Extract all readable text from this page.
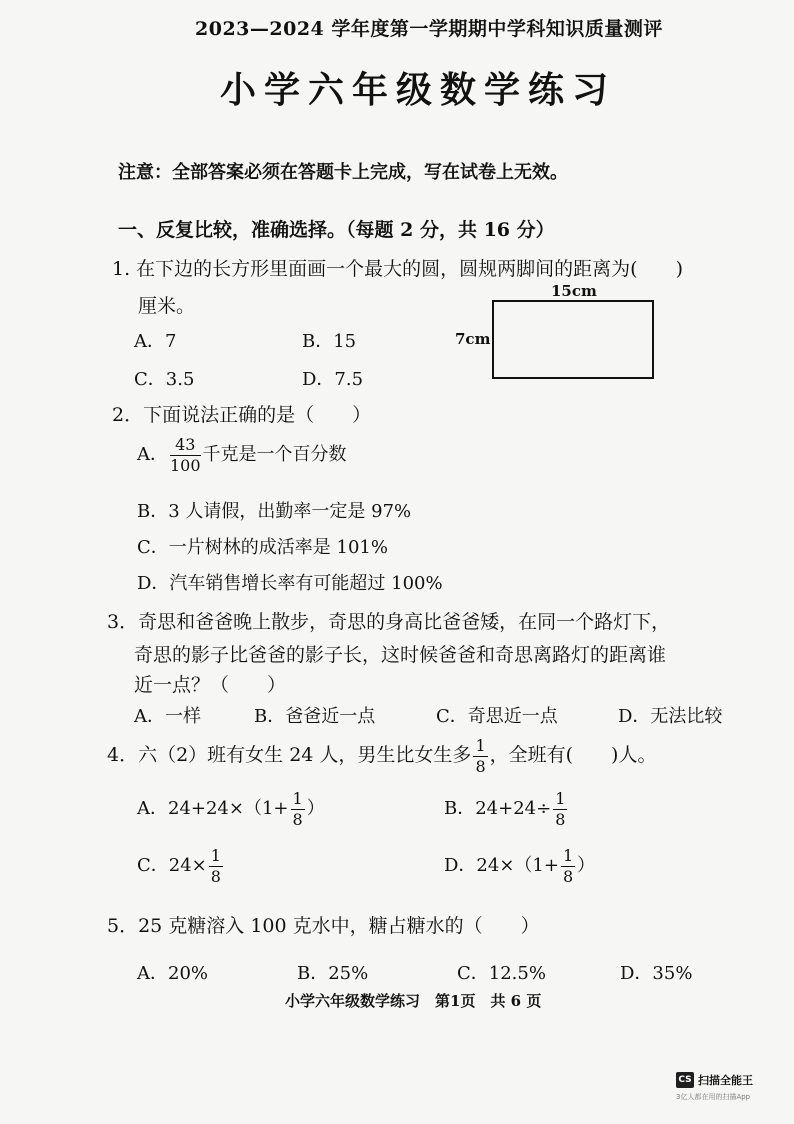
2023—2024 学年度第一学期期中学科知识质量测评
小学六年级数学练习
注意：全部答案必须在答题卡上完成，写在试卷上无效。
一、反复比较，准确选择。（每题 2 分，共 16 分）
1. 在下边的长方形里面画一个最大的圆，圆规两脚间的距离为(　　)
厘米。
A．7	B．15
C．3.5	D．7.5
15cm
7cm
2．下面说法正确的是（　　）
A． $\frac{43}{100}$ 千克是一个百分数
B．3 人请假，出勤率一定是 97%
C．一片树林的成活率是 101%
D．汽车销售增长率有可能超过 100%
3．奇思和爸爸晚上散步，奇思的身高比爸爸矮，在同一个路灯下，
奇思的影子比爸爸的影子长，这时候爸爸和奇思离路灯的距离谁
近一点？（　　）
A．一样	B．爸爸近一点	C．奇思近一点	D．无法比较
4．六（2）班有女生 24 人，男生比女生多 $\frac{1}{8}$ ，全班有(　　)人。
A．$24+24\times(1+ \frac{1}{8}$ ）	B．$24+24\div \frac{1}{8}$
C．$24\times \frac{1}{8}$	D．$24\times(1+ \frac{1}{8}$ ）
5．25 克糖溶入 100 克水中，糖占糖水的（　　）
A．20%	B．25%	C．12.5%	D．35%
小学六年级数学练习　第1页　共 6 页
CS 扫描全能王
3亿人都在用的扫描App
